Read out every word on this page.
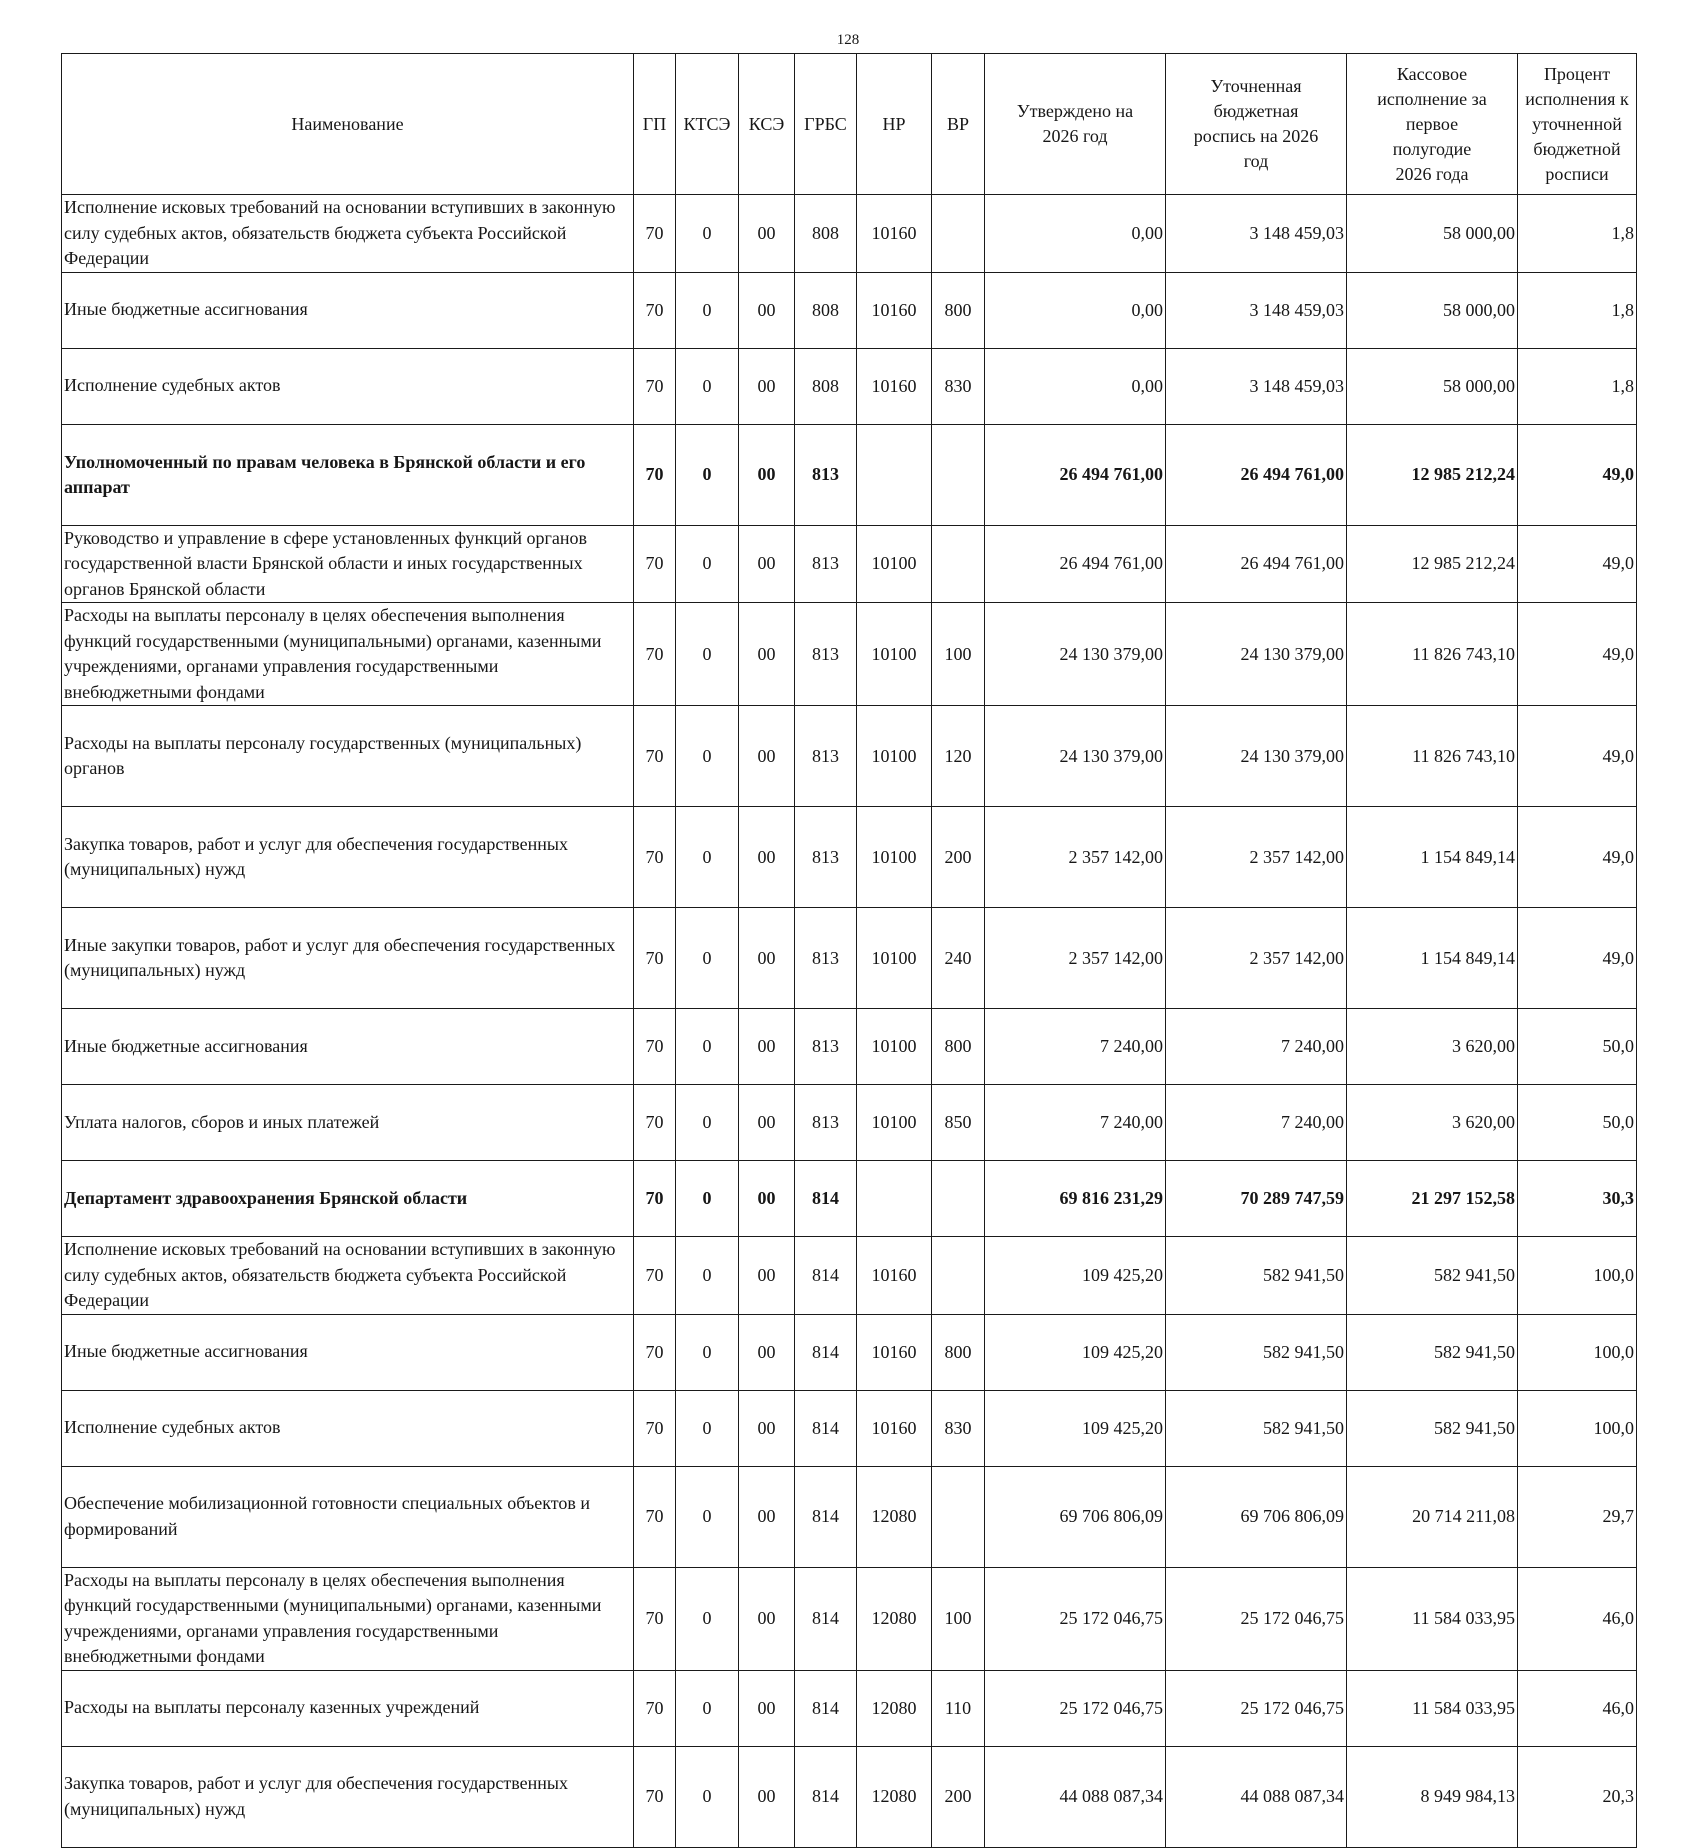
128
Наименование	ГП	КТСЭ	КСЭ	ГРБС	НР	ВР	Утверждено на 2026 год	Уточненная бюджетная роспись на 2026 год	Кассовое исполнение за первое полугодие 2026 года	Процент исполнения к уточненной бюджетной росписи
Исполнение исковых требований на основании вступивших в законную силу судебных актов, обязательств бюджета субъекта Российской Федерации	70	0	00	808	10160		0,00	3 148 459,03	58 000,00	1,8
Иные бюджетные ассигнования	70	0	00	808	10160	800	0,00	3 148 459,03	58 000,00	1,8
Исполнение судебных актов	70	0	00	808	10160	830	0,00	3 148 459,03	58 000,00	1,8
Уполномоченный по правам человека в Брянской области и его аппарат	70	0	00	813			26 494 761,00	26 494 761,00	12 985 212,24	49,0
Руководство и управление в сфере установленных функций органов государственной власти Брянской области и иных государственных органов Брянской области	70	0	00	813	10100		26 494 761,00	26 494 761,00	12 985 212,24	49,0
Расходы на выплаты персоналу в целях обеспечения выполнения функций государственными (муниципальными) органами, казенными учреждениями, органами управления государственными внебюджетными фондами	70	0	00	813	10100	100	24 130 379,00	24 130 379,00	11 826 743,10	49,0
Расходы на выплаты персоналу государственных (муниципальных) органов	70	0	00	813	10100	120	24 130 379,00	24 130 379,00	11 826 743,10	49,0
Закупка товаров, работ и услуг для обеспечения государственных (муниципальных) нужд	70	0	00	813	10100	200	2 357 142,00	2 357 142,00	1 154 849,14	49,0
Иные закупки товаров, работ и услуг для обеспечения государственных (муниципальных) нужд	70	0	00	813	10100	240	2 357 142,00	2 357 142,00	1 154 849,14	49,0
Иные бюджетные ассигнования	70	0	00	813	10100	800	7 240,00	7 240,00	3 620,00	50,0
Уплата налогов, сборов и иных платежей	70	0	00	813	10100	850	7 240,00	7 240,00	3 620,00	50,0
Департамент здравоохранения Брянской области	70	0	00	814			69 816 231,29	70 289 747,59	21 297 152,58	30,3
Исполнение исковых требований на основании вступивших в законную силу судебных актов, обязательств бюджета субъекта Российской Федерации	70	0	00	814	10160		109 425,20	582 941,50	582 941,50	100,0
Иные бюджетные ассигнования	70	0	00	814	10160	800	109 425,20	582 941,50	582 941,50	100,0
Исполнение судебных актов	70	0	00	814	10160	830	109 425,20	582 941,50	582 941,50	100,0
Обеспечение мобилизационной готовности специальных объектов и формирований	70	0	00	814	12080		69 706 806,09	69 706 806,09	20 714 211,08	29,7
Расходы на выплаты персоналу в целях обеспечения выполнения функций государственными (муниципальными) органами, казенными учреждениями, органами управления государственными внебюджетными фондами	70	0	00	814	12080	100	25 172 046,75	25 172 046,75	11 584 033,95	46,0
Расходы на выплаты персоналу казенных учреждений	70	0	00	814	12080	110	25 172 046,75	25 172 046,75	11 584 033,95	46,0
Закупка товаров, работ и услуг для обеспечения государственных (муниципальных) нужд	70	0	00	814	12080	200	44 088 087,34	44 088 087,34	8 949 984,13	20,3
